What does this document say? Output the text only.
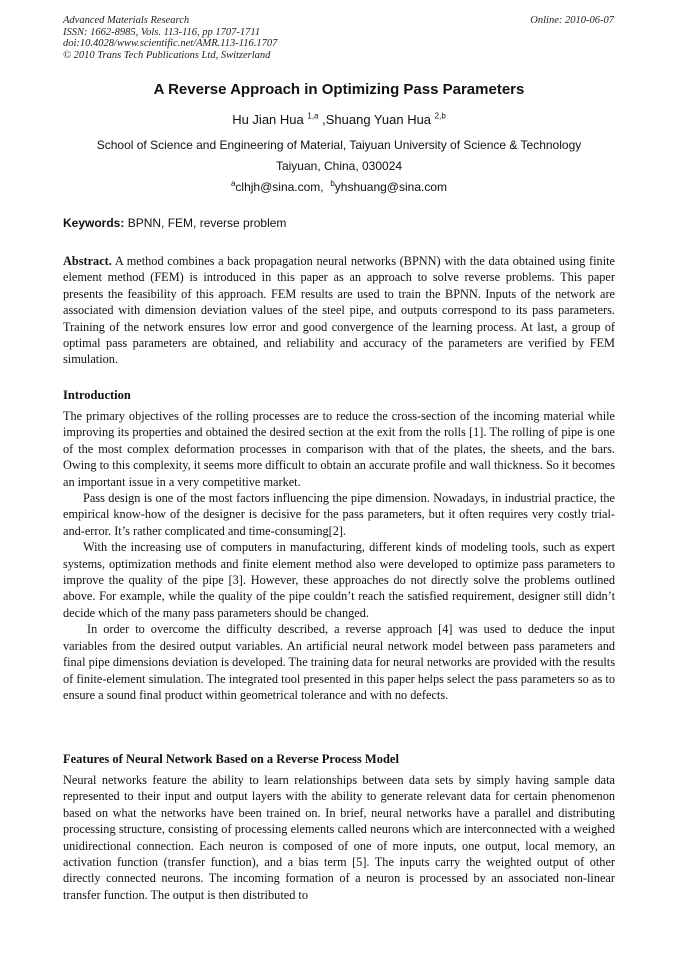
Advanced Materials Research
ISSN: 1662-8985, Vols. 113-116, pp 1707-1711
doi:10.4028/www.scientific.net/AMR.113-116.1707
© 2010 Trans Tech Publications Ltd, Switzerland
Online: 2010-06-07
A Reverse Approach in Optimizing Pass Parameters
Hu Jian Hua $^{1,a}$ ,Shuang Yuan Hua $^{2,b}$
School of Science and Engineering of Material, Taiyuan University of Science & Technology
Taiyuan, China, 030024
$^a$clhjh@sina.com, $^b$yhshuang@sina.com
Keywords: BPNN, FEM, reverse problem

Abstract. A method combines a back propagation neural networks (BPNN) with the data obtained using finite element method (FEM) is introduced in this paper as an approach to solve reverse problems. This paper presents the feasibility of this approach. FEM results are used to train the BPNN. Inputs of the network are associated with dimension deviation values of the steel pipe, and outputs correspond to its pass parameters. Training of the network ensures low error and good convergence of the learning process. At last, a group of optimal pass parameters are obtained, and reliability and accuracy of the parameters are verified by FEM simulation.

Introduction

The primary objectives of the rolling processes are to reduce the cross-section of the incoming material while improving its properties and obtained the desired section at the exit from the rolls [1]. The rolling of pipe is one of the most complex deformation processes in comparison with that of the plates, the sheets, and the bars. Owing to this complexity, it seems more difficult to obtain an accurate profile and wall thickness. So it becomes an important issue in a very competitive market.

Pass design is one of the most factors influencing the pipe dimension. Nowadays, in industrial practice, the empirical know-how of the designer is decisive for the pass parameters, but it often requires very costly trial-and-error. It’s rather complicated and time-consuming[2].

With the increasing use of computers in manufacturing, different kinds of modeling tools, such as expert systems, optimization methods and finite element method also were developed to optimize pass parameters to improve the quality of the pipe [3]. However, these approaches do not directly solve the problems outlined above. For example, while the quality of the pipe couldn’t reach the satisfied requirement, designer still didn’t decide which of the many pass parameters should be changed.

In order to overcome the difficulty described, a reverse approach [4] was used to deduce the input variables from the desired output variables. An artificial neural network model between pass parameters and final pipe dimensions deviation is developed. The training data for neural networks are provided with the results of finite-element simulation. The integrated tool presented in this paper helps select the pass parameters so as to ensure a sound final product within geometrical tolerance and with no defects.

Features of Neural Network Based on a Reverse Process Model

Neural networks feature the ability to learn relationships between data sets by simply having sample data represented to their input and output layers with the ability to generate relevant data for certain phenomenon based on what the networks have been trained on. In brief, neural networks have a parallel and distributing processing structure, consisting of processing elements called neurons which are interconnected with a weighed unidirectional connection. Each neuron is composed of one of more inputs, one output, local memory, an activation function (transfer function), and a bias term [5]. The inputs carry the weighted output of other directly connected neurons. The incoming formation of a neuron is processed by an associated non-linear transfer function. The output is then distributed to
